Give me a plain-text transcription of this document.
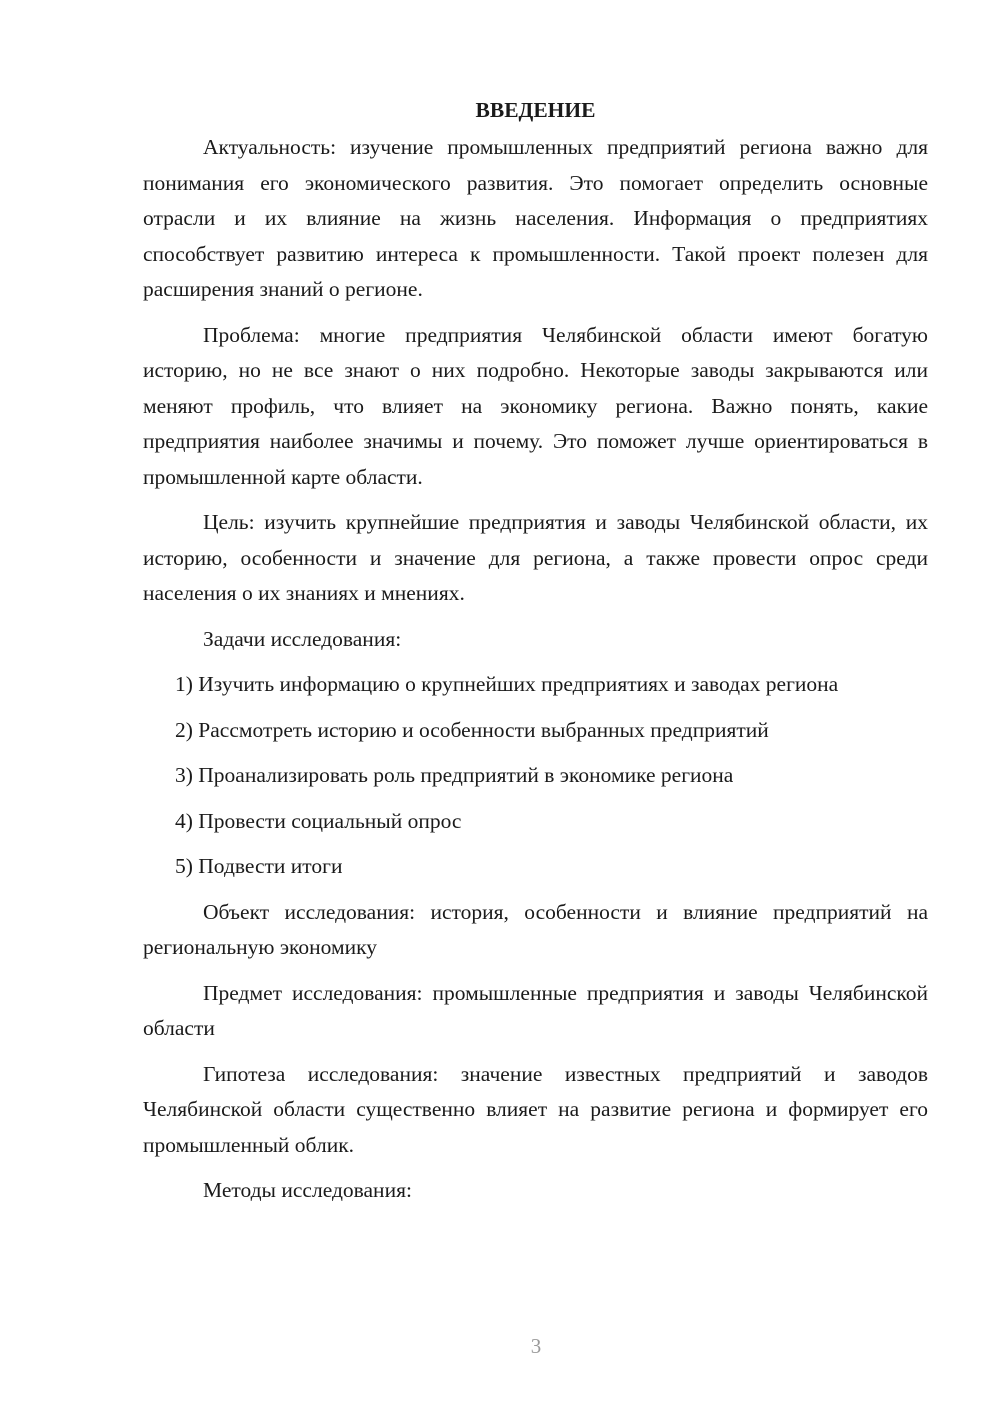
ВВЕДЕНИЕ

Актуальность: изучение промышленных предприятий региона важно для понимания его экономического развития. Это помогает определить основные отрасли и их влияние на жизнь населения. Информация о предприятиях способствует развитию интереса к промышленности. Такой проект полезен для расширения знаний о регионе.

Проблема: многие предприятия Челябинской области имеют богатую историю, но не все знают о них подробно. Некоторые заводы закрываются или меняют профиль, что влияет на экономику региона. Важно понять, какие предприятия наиболее значимы и почему. Это поможет лучше ориентироваться в промышленной карте области.

Цель: изучить крупнейшие предприятия и заводы Челябинской области, их историю, особенности и значение для региона, а также провести опрос среди населения о их знаниях и мнениях.

Задачи исследования:

1) Изучить информацию о крупнейших предприятиях и заводах региона

2) Рассмотреть историю и особенности выбранных предприятий

3) Проанализировать роль предприятий в экономике региона

4) Провести социальный опрос

5) Подвести итоги

Объект исследования: история, особенности и влияние предприятий на региональную экономику

Предмет исследования: промышленные предприятия и заводы Челябинской области

Гипотеза исследования: значение известных предприятий и заводов Челябинской области существенно влияет на развитие региона и формирует его промышленный облик.

Методы исследования:

3
